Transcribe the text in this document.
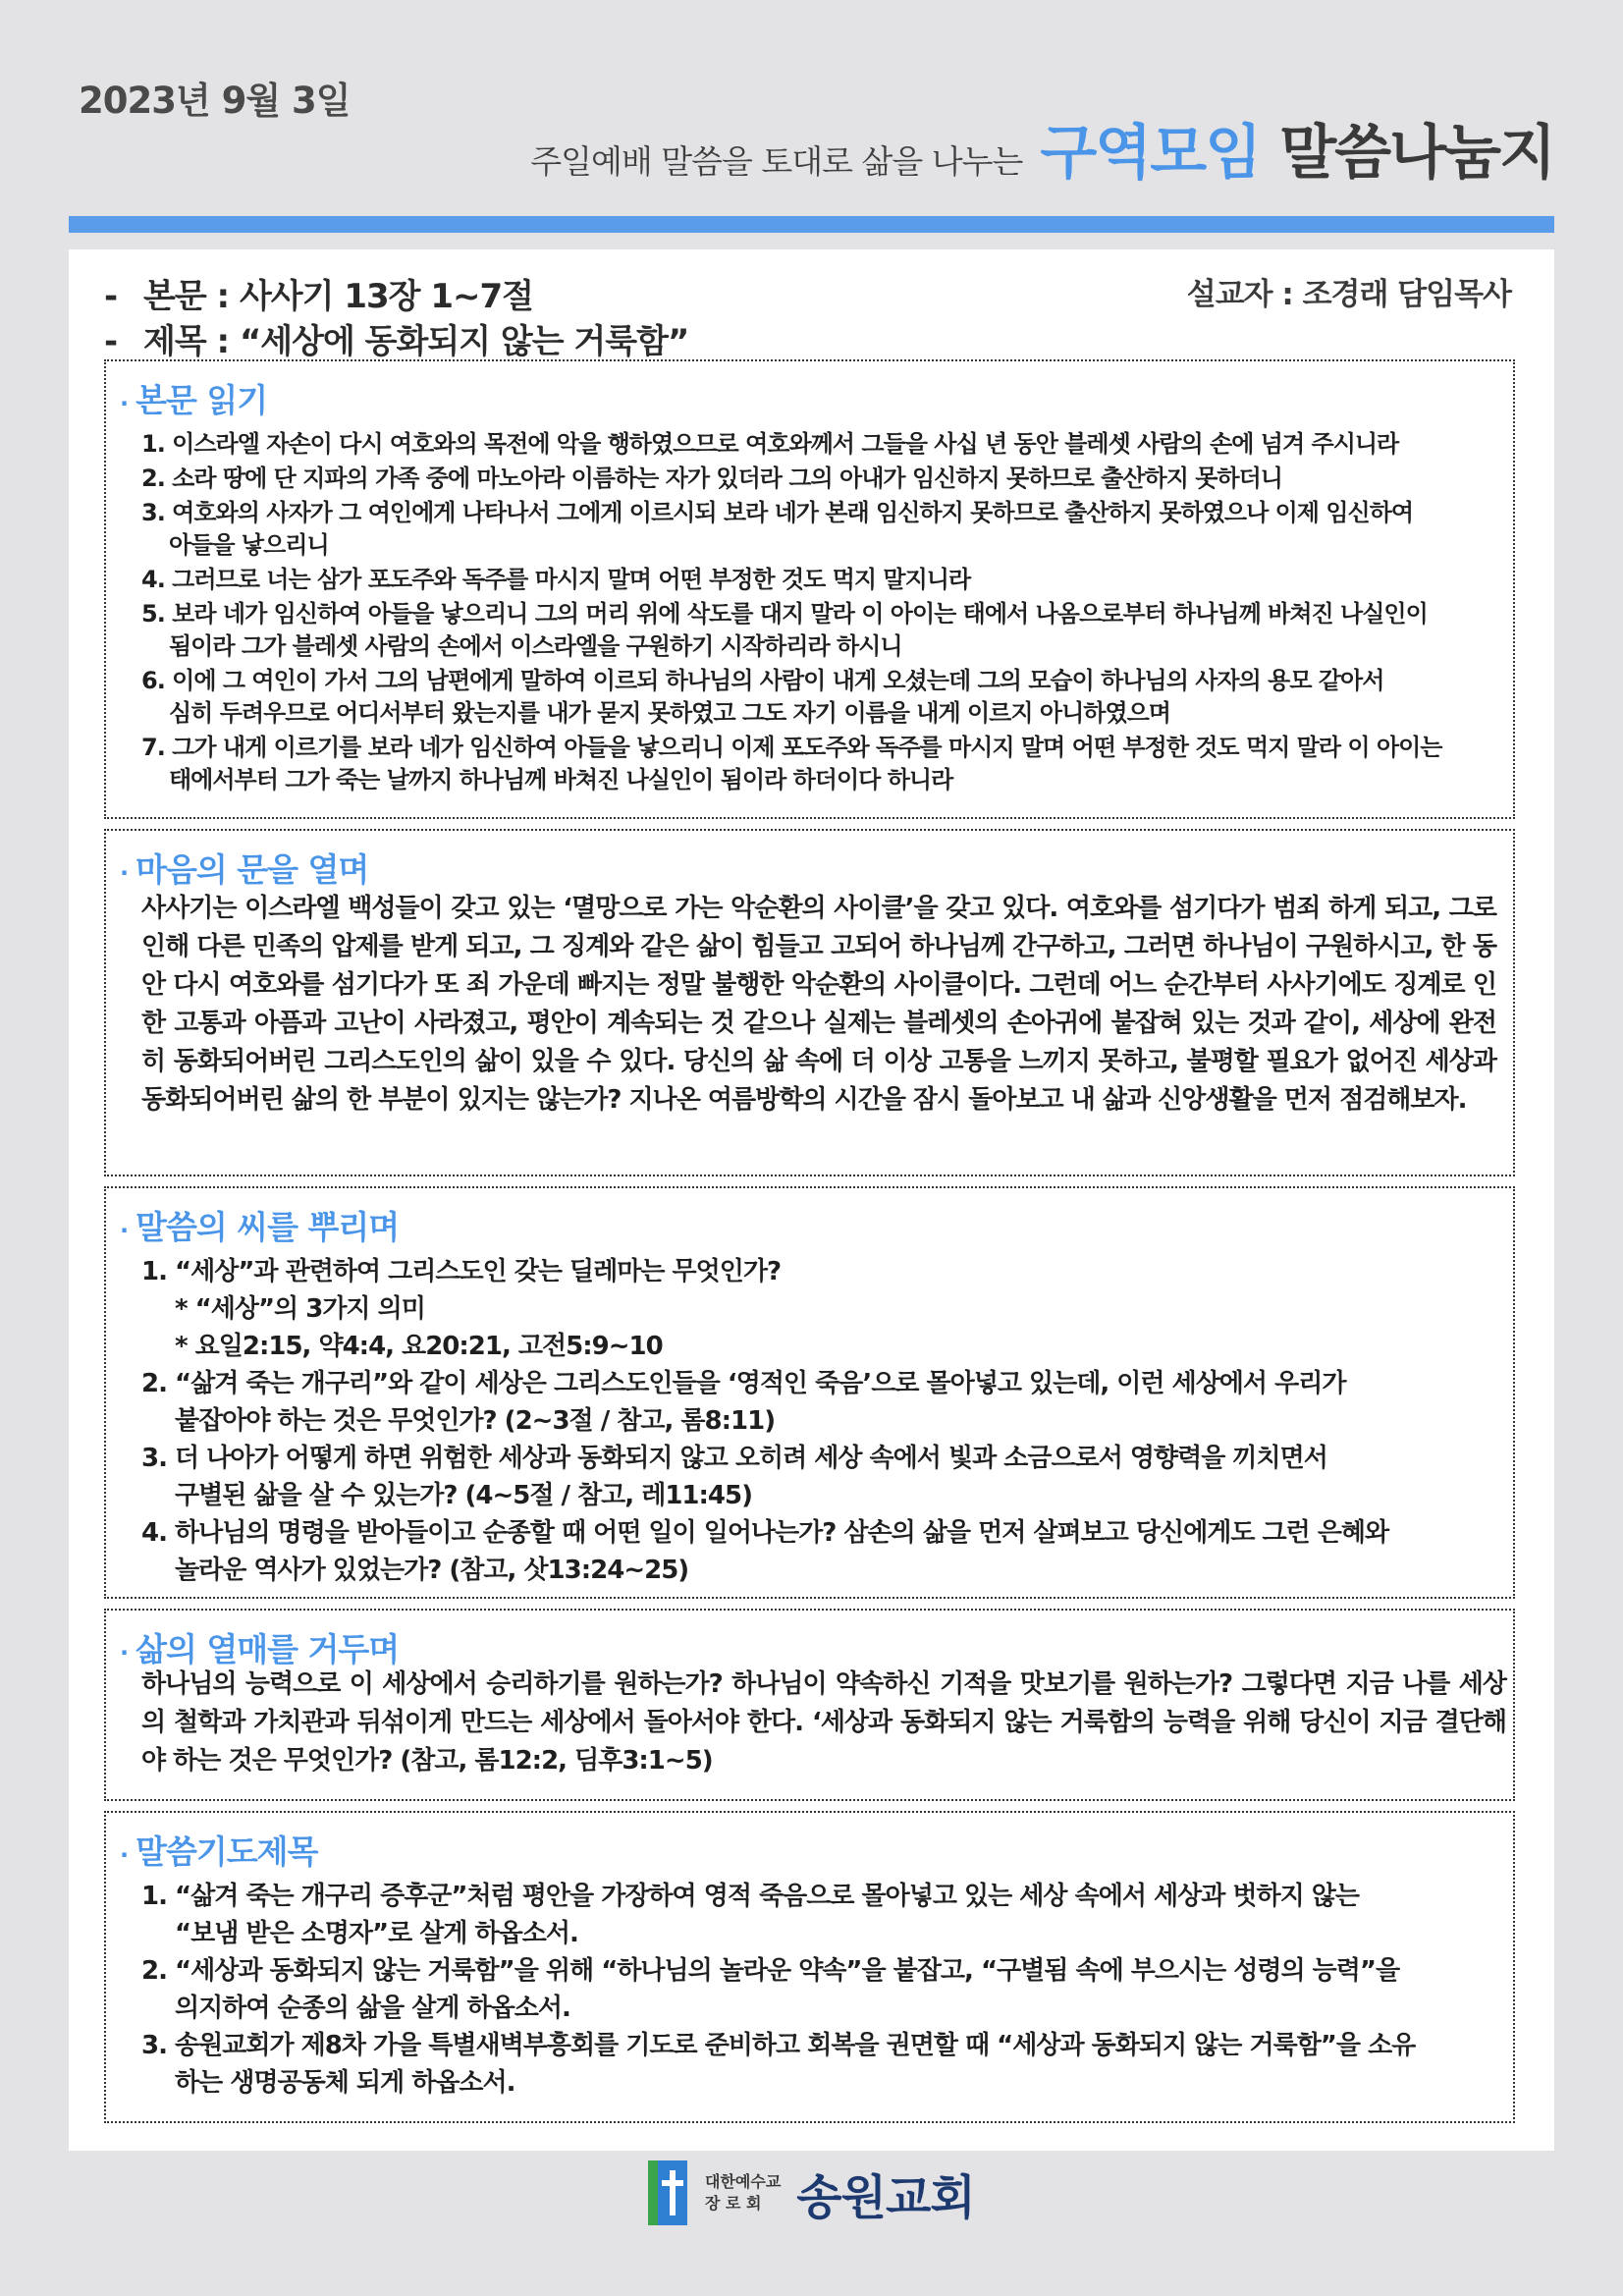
2023년 9월 3일
주일예배 말씀을 토대로 삶을 나누는 구역모임 말씀나눔지
- 본문 : 사사기 13장 1~7절
- 제목 : “세상에 동화되지 않는 거룩함”
설교자 : 조경래 담임목사
· 본문 읽기
1. 이스라엘 자손이 다시 여호와의 목전에 악을 행하였으므로 여호와께서 그들을 사십 년 동안 블레셋 사람의 손에 넘겨 주시니라
2. 소라 땅에 단 지파의 가족 중에 마노아라 이름하는 자가 있더라 그의 아내가 임신하지 못하므로 출산하지 못하더니
3. 여호와의 사자가 그 여인에게 나타나서 그에게 이르시되 보라 네가 본래 임신하지 못하므로 출산하지 못하였으나 이제 임신하여
아들을 낳으리니
4. 그러므로 너는 삼가 포도주와 독주를 마시지 말며 어떤 부정한 것도 먹지 말지니라
5. 보라 네가 임신하여 아들을 낳으리니 그의 머리 위에 삭도를 대지 말라 이 아이는 태에서 나옴으로부터 하나님께 바쳐진 나실인이
됨이라 그가 블레셋 사람의 손에서 이스라엘을 구원하기 시작하리라 하시니
6. 이에 그 여인이 가서 그의 남편에게 말하여 이르되 하나님의 사람이 내게 오셨는데 그의 모습이 하나님의 사자의 용모 같아서
심히 두려우므로 어디서부터 왔는지를 내가 묻지 못하였고 그도 자기 이름을 내게 이르지 아니하였으며
7. 그가 내게 이르기를 보라 네가 임신하여 아들을 낳으리니 이제 포도주와 독주를 마시지 말며 어떤 부정한 것도 먹지 말라 이 아이는
태에서부터 그가 죽는 날까지 하나님께 바쳐진 나실인이 됨이라 하더이다 하니라
· 마음의 문을 열며
사사기는 이스라엘 백성들이 갖고 있는 ‘멸망으로 가는 악순환의 사이클’을 갖고 있다. 여호와를 섬기다가 범죄 하게 되고, 그로 인해 다른 민족의 압제를 받게 되고, 그 징계와 같은 삶이 힘들고 고되어 하나님께 간구하고, 그러면 하나님이 구원하시고, 한 동안 다시 여호와를 섬기다가 또 죄 가운데 빠지는 정말 불행한 악순환의 사이클이다. 그런데 어느 순간부터 사사기에도 징계로 인한 고통과 아픔과 고난이 사라졌고, 평안이 계속되는 것 같으나 실제는 블레셋의 손아귀에 붙잡혀 있는 것과 같이, 세상에 완전히 동화되어버린 그리스도인의 삶이 있을 수 있다. 당신의 삶 속에 더 이상 고통을 느끼지 못하고, 불평할 필요가 없어진 세상과 동화되어버린 삶의 한 부분이 있지는 않는가? 지나온 여름방학의 시간을 잠시 돌아보고 내 삶과 신앙생활을 먼저 점검해보자.
· 말씀의 씨를 뿌리며
1. “세상”과 관련하여 그리스도인 갖는 딜레마는 무엇인가?
* “세상”의 3가지 의미
* 요일2:15, 약4:4, 요20:21, 고전5:9~10
2. “삶겨 죽는 개구리”와 같이 세상은 그리스도인들을 ‘영적인 죽음’으로 몰아넣고 있는데, 이런 세상에서 우리가
붙잡아야 하는 것은 무엇인가? (2~3절 / 참고, 롬8:11)
3. 더 나아가 어떻게 하면 위험한 세상과 동화되지 않고 오히려 세상 속에서 빛과 소금으로서 영향력을 끼치면서
구별된 삶을 살 수 있는가? (4~5절 / 참고, 레11:45)
4. 하나님의 명령을 받아들이고 순종할 때 어떤 일이 일어나는가? 삼손의 삶을 먼저 살펴보고 당신에게도 그런 은혜와
놀라운 역사가 있었는가? (참고, 삿13:24~25)
· 삶의 열매를 거두며
하나님의 능력으로 이 세상에서 승리하기를 원하는가? 하나님이 약속하신 기적을 맛보기를 원하는가? 그렇다면 지금 나를 세상의 철학과 가치관과 뒤섞이게 만드는 세상에서 돌아서야 한다. ‘세상과 동화되지 않는 거룩함의 능력을 위해 당신이 지금 결단해야 하는 것은 무엇인가? (참고, 롬12:2, 딤후3:1~5)
· 말씀기도제목
1. “삶겨 죽는 개구리 증후군”처럼 평안을 가장하여 영적 죽음으로 몰아넣고 있는 세상 속에서 세상과 벗하지 않는
“보냄 받은 소명자”로 살게 하옵소서.
2. “세상과 동화되지 않는 거룩함”을 위해 “하나님의 놀라운 약속”을 붙잡고, “구별됨 속에 부으시는 성령의 능력”을
의지하여 순종의 삶을 살게 하옵소서.
3. 송원교회가 제8차 가을 특별새벽부흥회를 기도로 준비하고 회복을 권면할 때 “세상과 동화되지 않는 거룩함”을 소유
하는 생명공동체 되게 하옵소서.
대한예수교
장 로 회 송원교회
